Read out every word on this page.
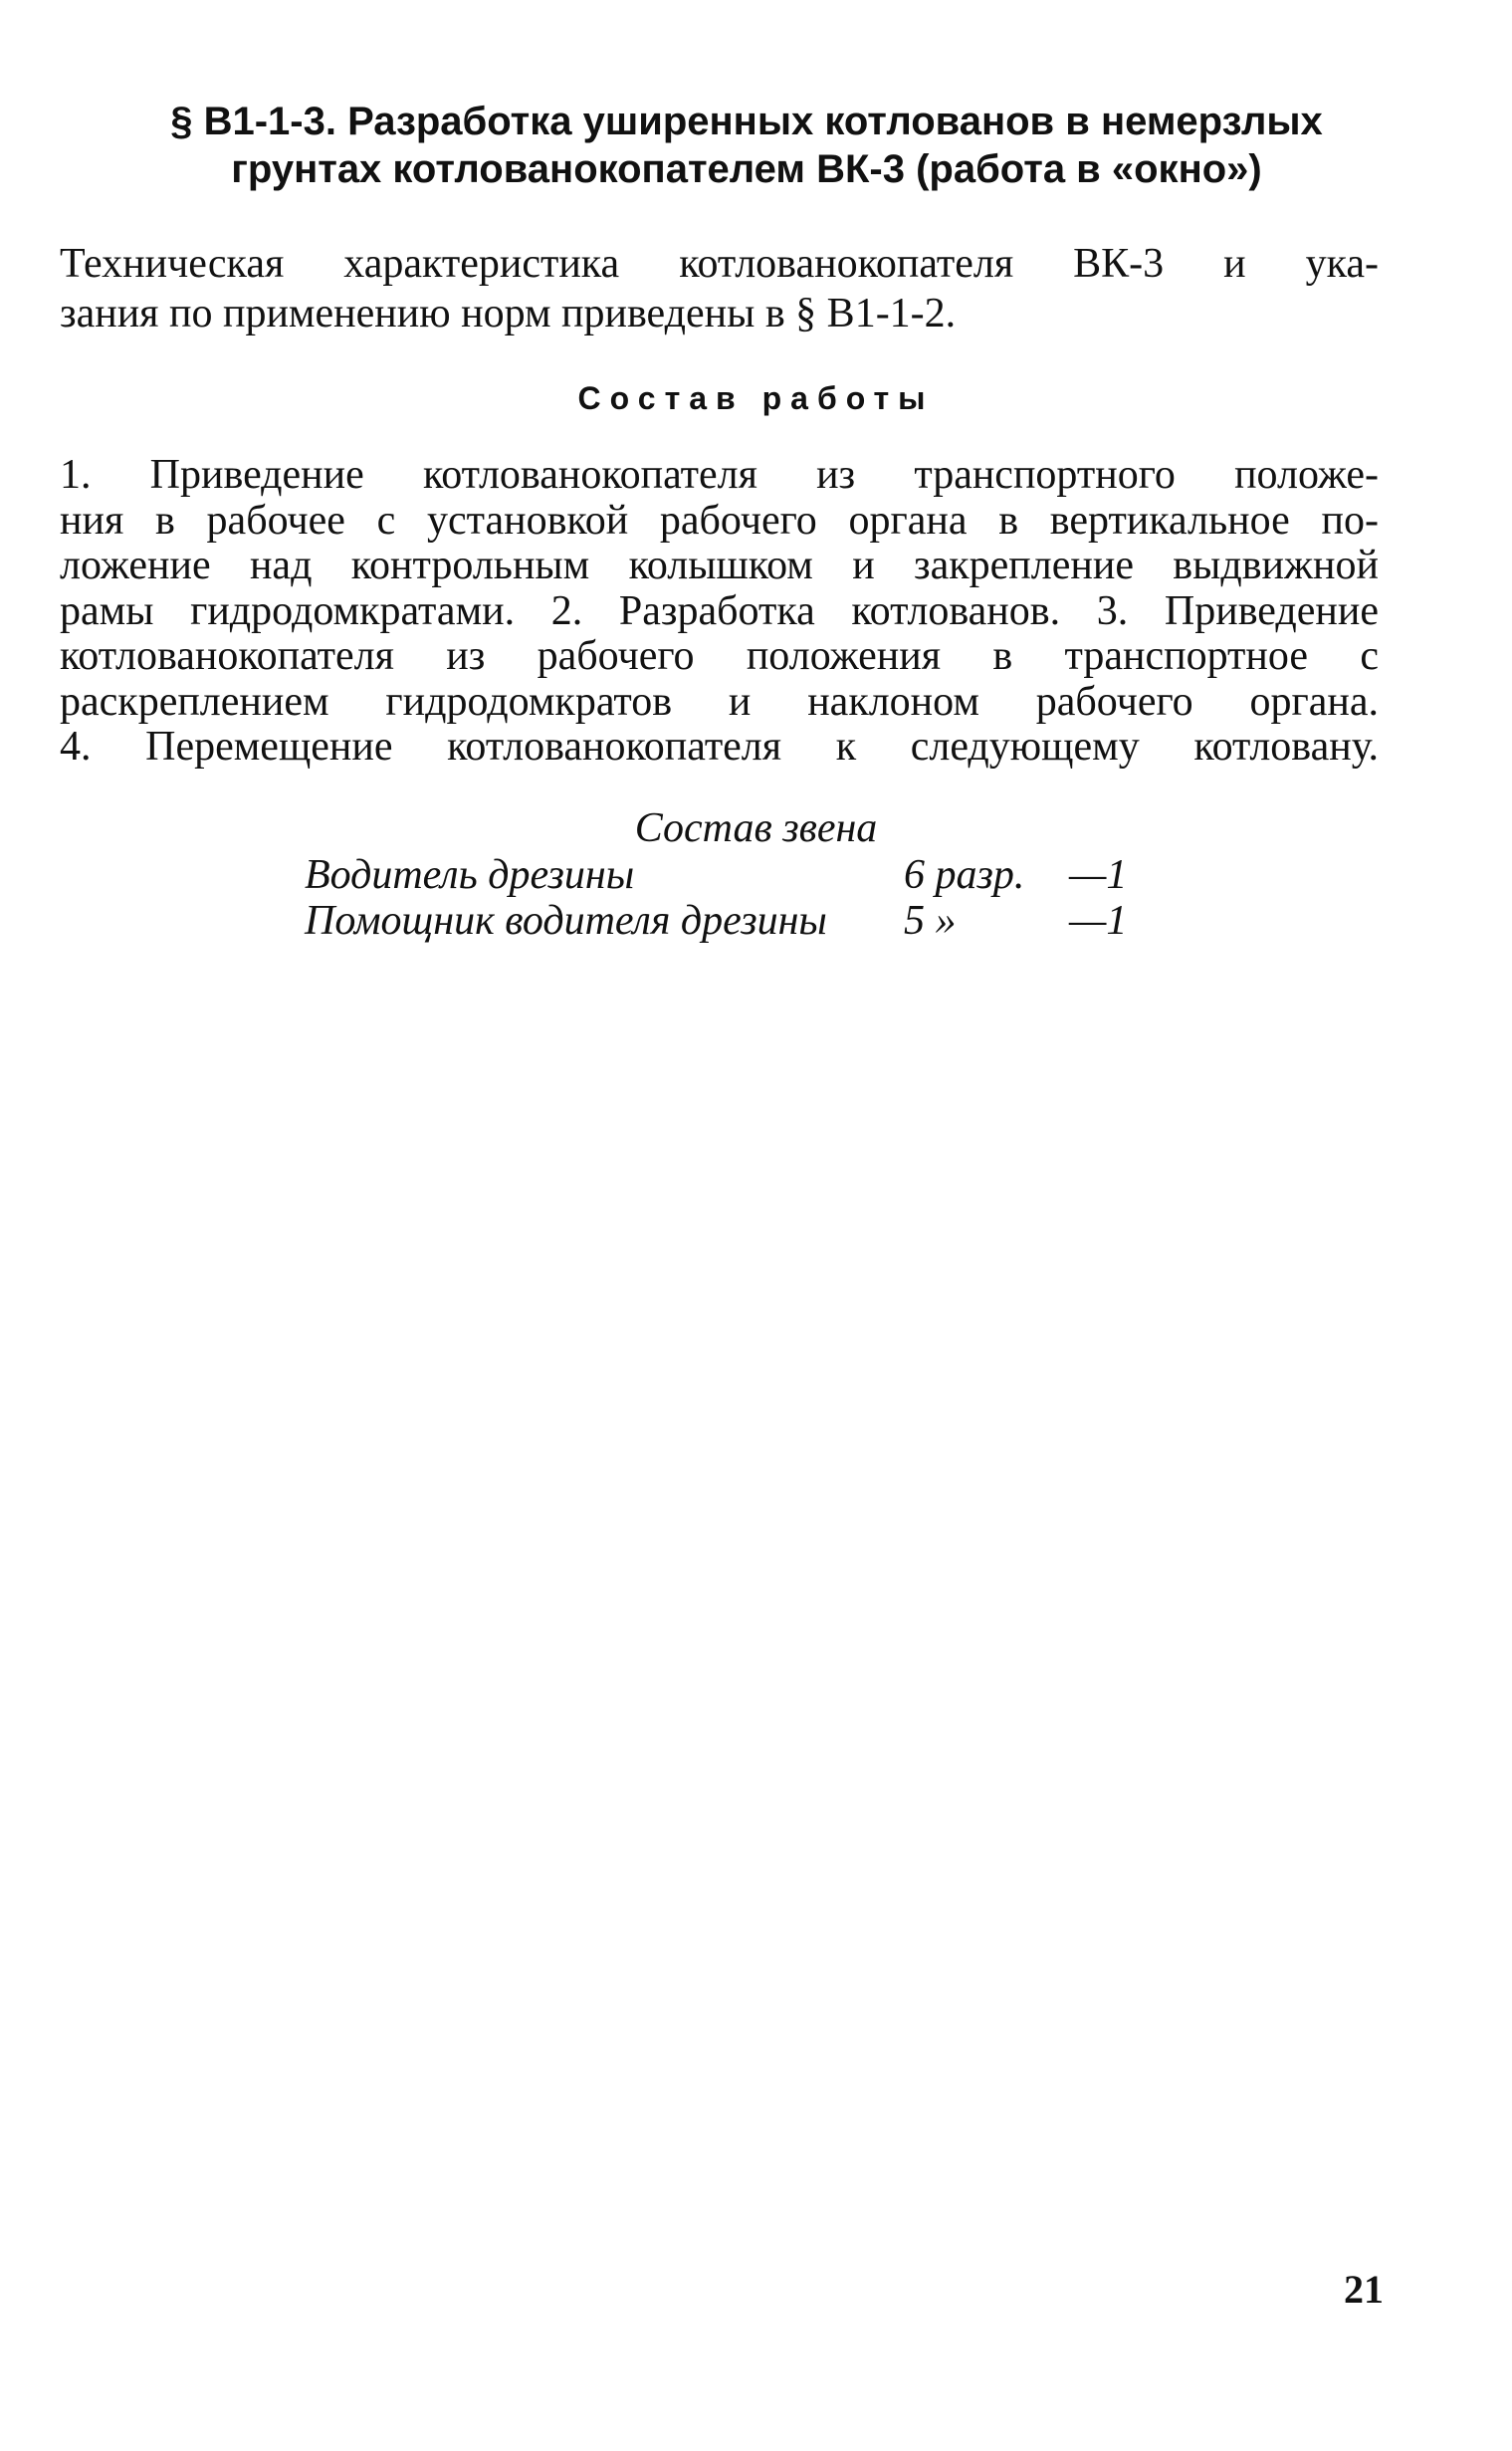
§ В1-1-3. Разработка уширенных котлованов в немерзлых
грунтах котлованокопателем ВК-3 (работа в «окно»)
Техническая характеристика котлованокопателя ВК-3 и ука-
зания по применению норм приведены в § В1-1-2.
Состав работы
1. Приведение котлованокопателя из транспортного положе-
ния в рабочее с установкой рабочего органа в вертикальное по-
ложение над контрольным колышком и закрепление выдвижной
рамы гидродомкратами. 2. Разработка котлованов. 3. Приведение
котлованокопателя из рабочего положения в транспортное с
раскреплением гидродомкратов и наклоном рабочего органа.
4. Перемещение котлованокопателя к следующему котловану.
Состав звена
Водитель дрезины	6 разр. —1
Помощник водителя дрезины 5 »	—1
21
